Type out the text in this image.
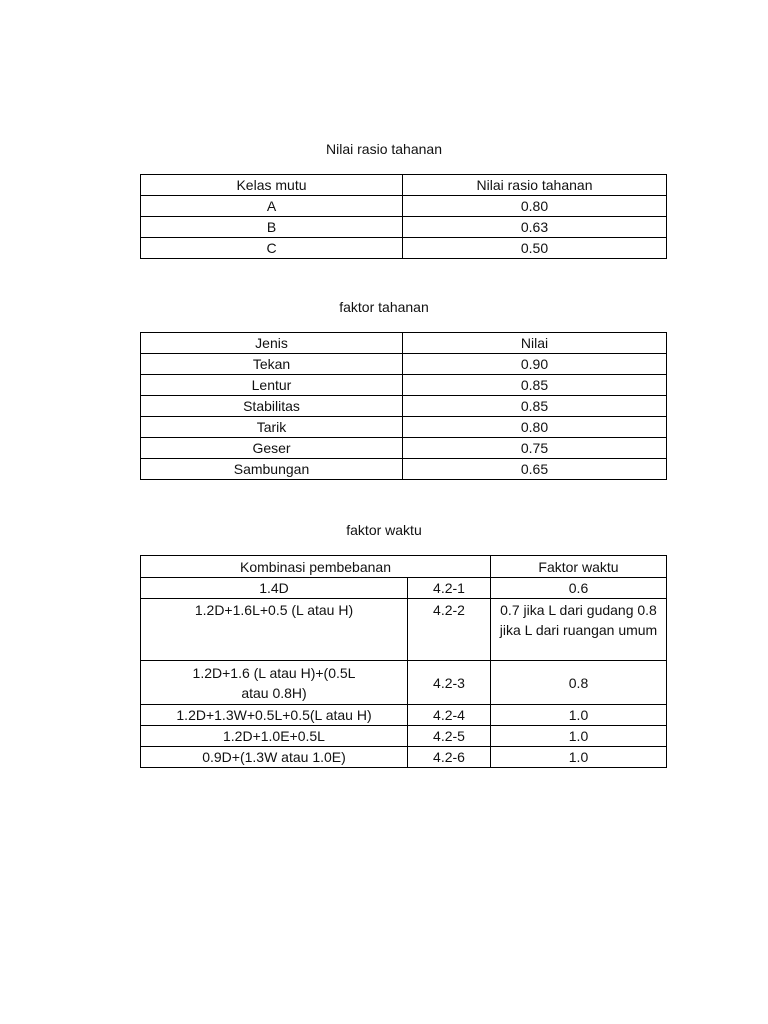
Nilai rasio tahanan
Kelas mutu	Nilai rasio tahanan
A	0.80
B	0.63
C	0.50
faktor tahanan
Jenis	Nilai
Tekan	0.90
Lentur	0.85
Stabilitas	0.85
Tarik	0.80
Geser	0.75
Sambungan	0.65
faktor waktu
Kombinasi pembebanan		Faktor waktu
1.4D	4.2-1	0.6
1.2D+1.6L+0.5 (L atau H)	4.2-2	0.7 jika L dari gudang 0.8 jika L dari ruangan umum
1.2D+1.6 (L atau H)+(0.5L atau 0.8H)	4.2-3	0.8
1.2D+1.3W+0.5L+0.5(L atau H)	4.2-4	1.0
1.2D+1.0E+0.5L	4.2-5	1.0
0.9D+(1.3W atau 1.0E)	4.2-6	1.0
